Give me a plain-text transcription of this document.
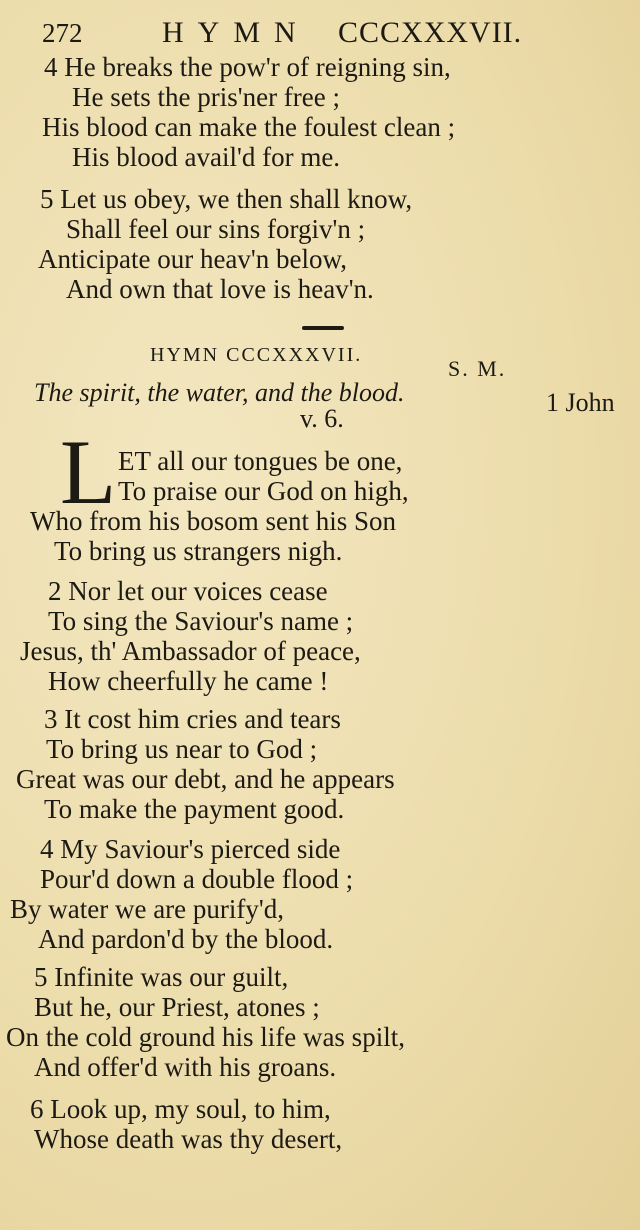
272	HYMN CCCXXXVII.
4 He breaks the pow'r of reigning sin,
He sets the pris'ner free ;
His blood can make the foulest clean ;
His blood avail'd for me.
5 Let us obey, we then shall know,
Shall feel our sins forgiv'n ;
Anticipate our heav'n below,
And own that love is heav'n.
HYMN CCCXXXVII.
S. M.
The spirit, the water, and the blood.	1 John
v. 6.
L ET all our tongues be one,
To praise our God on high,
Who from his bosom sent his Son
To bring us strangers nigh.
2 Nor let our voices cease
To sing the Saviour's name ;
Jesus, th' Ambassador of peace,
How cheerfully he came !
3 It cost him cries and tears
To bring us near to God ;
Great was our debt, and he appears
To make the payment good.
4 My Saviour's pierced side
Pour'd down a double flood ;
By water we are purify'd,
And pardon'd by the blood.
5 Infinite was our guilt,
But he, our Priest, atones ;
On the cold ground his life was spilt,
And offer'd with his groans.
6 Look up, my soul, to him,
Whose death was thy desert,
